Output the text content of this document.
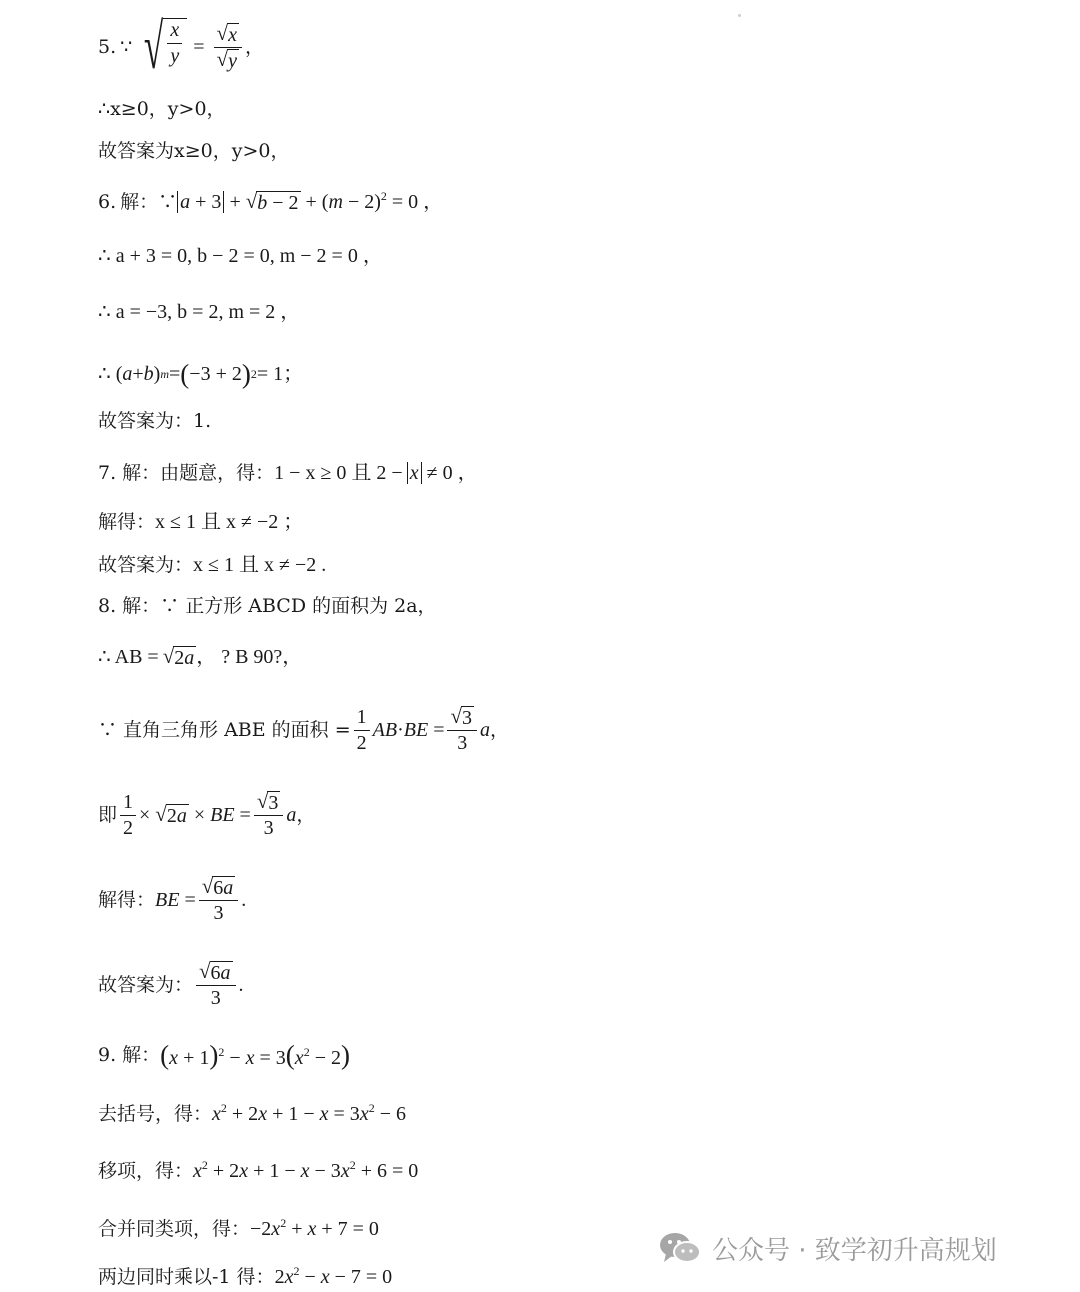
5. ∵ √ $\frac{x}{y} = \frac{√ x}{√ y}$ ，
∴x≥0，y>0，
故答案为x≥0，y>0，
6. 解：∵ a + 3 + √ $b - 2 + (m - 2)^2 = 0$ ，
∴ a + 3 = 0, b − 2 = 0, m − 2 = 0 ，
∴ a = −3, b = 2, m = 2 ，
∴ ( a + b ) m = ( −3 + 2 ) 2 = 1；
故答案为：1.
7. 解：由题意，得： 1 − x ≥ 0 且 2 − x ≠ 0 ，
解得： x ≤ 1 且 x ≠ −2 ；
故答案为： x ≤ 1 且 x ≠ −2 .
8. 解：∵ 正方形 ABCD 的面积为 2a，
∴ AB = √ 2a ， ? B 90?，
∵ 直角三角形 ABE 的面积 = $\frac{1}{2} AB\cdot BE = \frac{√ 3}{3}$ a ，
即 $\frac{1}{2}$ × √ 2a × BE = $\frac{√ 3}{3}$ a ，
解得： BE = $\frac{√ 6a}{3}$ .
故答案为： $\frac{√ 6a}{3}$ .
9. 解： $(x + 1)^2 - x = 3(x^2 - 2)$
去括号，得： $x^2 + 2x + 1 - x = 3x^2 - 6$
移项，得： $x^2 + 2x + 1 - x - 3x^2 + 6 = 0$
合并同类项，得： $-2x^2 + x + 7 = 0$
两边同时乘以-1 得： $2x^2 - x - 7 = 0$
公众号 · 致学初升高规划
